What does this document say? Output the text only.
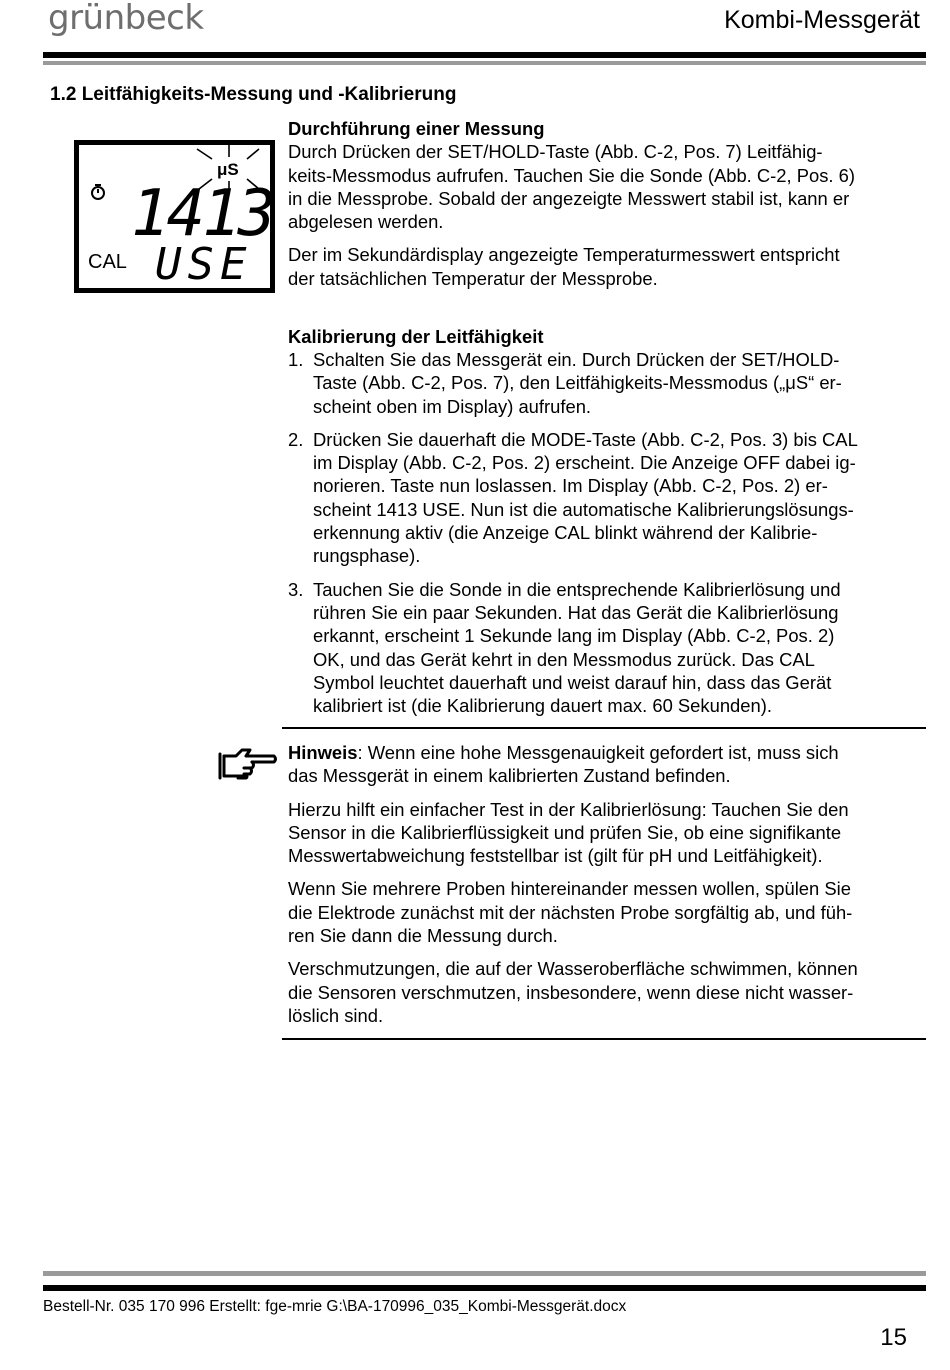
grünbeck	Kombi-Messgerät
1.2 Leitfähigkeits-Messung und -Kalibrierung
μS
1413
CAL USE

Durchführung einer Messung

Durch Drücken der SET/HOLD-Taste (Abb. C-2, Pos. 7) Leitfähig-

keits-Messmodus aufrufen. Tauchen Sie die Sonde (Abb. C-2, Pos. 6)

in die Messprobe. Sobald der angezeigte Messwert stabil ist, kann er

abgelesen werden.

Der im Sekundärdisplay angezeigte Temperaturmesswert entspricht

der tatsächlichen Temperatur der Messprobe.

Kalibrierung der Leitfähigkeit

1. Schalten Sie das Messgerät ein. Durch Drücken der SET/HOLD-

Taste (Abb. C-2, Pos. 7), den Leitfähigkeits-Messmodus („μS“ er-

scheint oben im Display) aufrufen.

2. Drücken Sie dauerhaft die MODE-Taste (Abb. C-2, Pos. 3) bis CAL

im Display (Abb. C-2, Pos. 2) erscheint. Die Anzeige OFF dabei ig-

norieren. Taste nun loslassen. Im Display (Abb. C-2, Pos. 2) er-

scheint 1413 USE. Nun ist die automatische Kalibrierungslösungs-

erkennung aktiv (die Anzeige CAL blinkt während der Kalibrie-

rungsphase).

3. Tauchen Sie die Sonde in die entsprechende Kalibrierlösung und

rühren Sie ein paar Sekunden. Hat das Gerät die Kalibrierlösung

erkannt, erscheint 1 Sekunde lang im Display (Abb. C-2, Pos. 2)

OK, und das Gerät kehrt in den Messmodus zurück. Das CAL

Symbol leuchtet dauerhaft und weist darauf hin, dass das Gerät

kalibriert ist (die Kalibrierung dauert max. 60 Sekunden).

Hinweis: Wenn eine hohe Messgenauigkeit gefordert ist, muss sich

das Messgerät in einem kalibrierten Zustand befinden.

Hierzu hilft ein einfacher Test in der Kalibrierlösung: Tauchen Sie den

Sensor in die Kalibrierflüssigkeit und prüfen Sie, ob eine signifikante

Messwertabweichung feststellbar ist (gilt für pH und Leitfähigkeit).

Wenn Sie mehrere Proben hintereinander messen wollen, spülen Sie

die Elektrode zunächst mit der nächsten Probe sorgfältig ab, und füh-

ren Sie dann die Messung durch.

Verschmutzungen, die auf der Wasseroberfläche schwimmen, können

die Sensoren verschmutzen, insbesondere, wenn diese nicht wasser-

löslich sind.

Bestell-Nr. 035 170 996 Erstellt: fge-mrie G:\BA-170996_035_Kombi-Messgerät.docx
15
